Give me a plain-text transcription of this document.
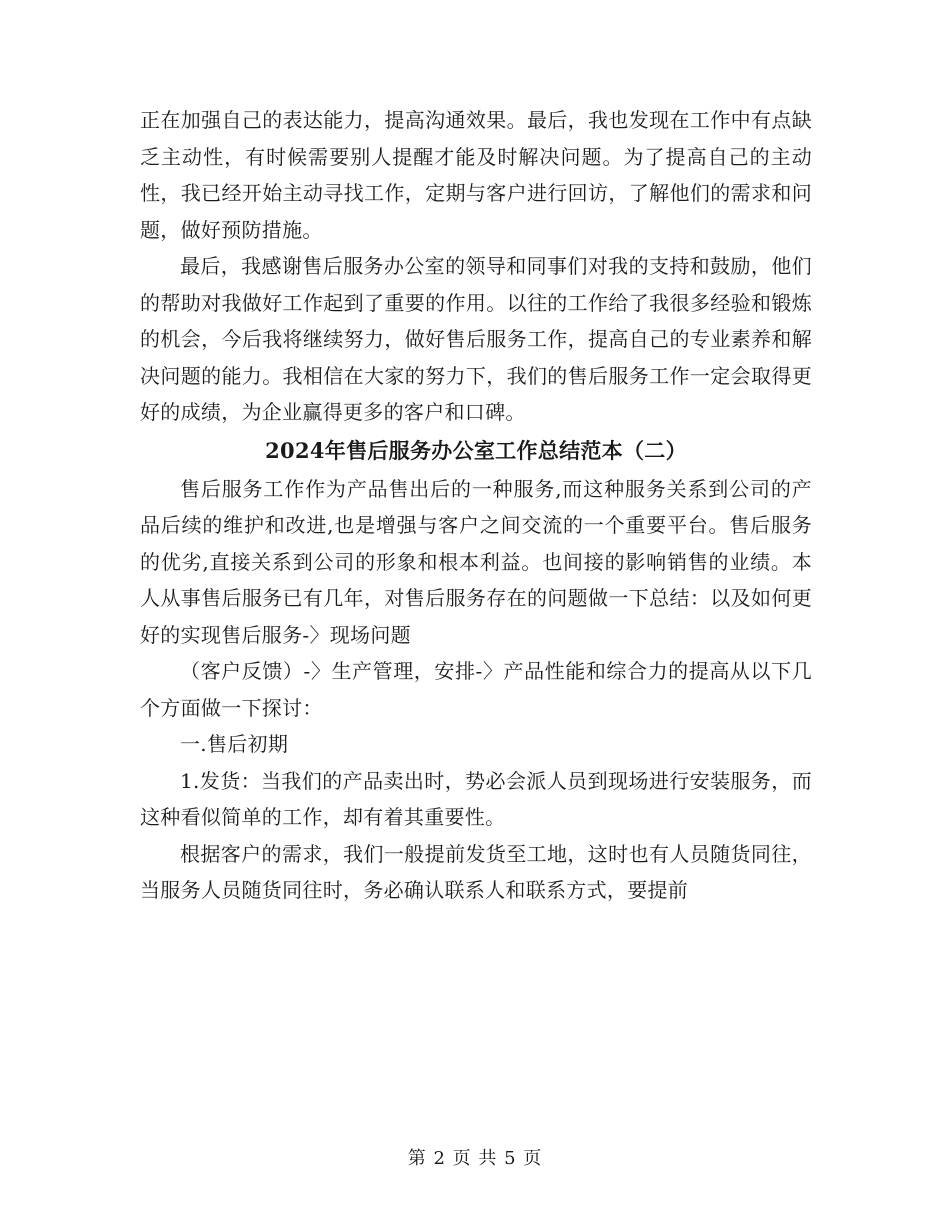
正在加强自己的表达能力，提高沟通效果。最后，我也发现在工作中有点缺乏主动性，有时候需要别人提醒才能及时解决问题。为了提高自己的主动性，我已经开始主动寻找工作，定期与客户进行回访，了解他们的需求和问题，做好预防措施。

最后，我感谢售后服务办公室的领导和同事们对我的支持和鼓励，他们的帮助对我做好工作起到了重要的作用。以往的工作给了我很多经验和锻炼的机会，今后我将继续努力，做好售后服务工作，提高自己的专业素养和解决问题的能力。我相信在大家的努力下，我们的售后服务工作一定会取得更好的成绩，为企业赢得更多的客户和口碑。

2024年售后服务办公室工作总结范本（二）

售后服务工作作为产品售出后的一种服务,而这种服务关系到公司的产品后续的维护和改进,也是增强与客户之间交流的一个重要平台。售后服务的优劣,直接关系到公司的形象和根本利益。也间接的影响销售的业绩。本人从事售后服务已有几年，对售后服务存在的问题做一下总结：以及如何更好的实现售后服务-〉现场问题

（客户反馈）-〉生产管理，安排-〉产品性能和综合力的提高从以下几个方面做一下探讨：

一.售后初期

1.发货：当我们的产品卖出时，势必会派人员到现场进行安装服务，而这种看似简单的工作，却有着其重要性。

根据客户的需求，我们一般提前发货至工地，这时也有人员随货同往，当服务人员随货同往时，务必确认联系人和联系方式，要提前

第 2 页 共 5 页
